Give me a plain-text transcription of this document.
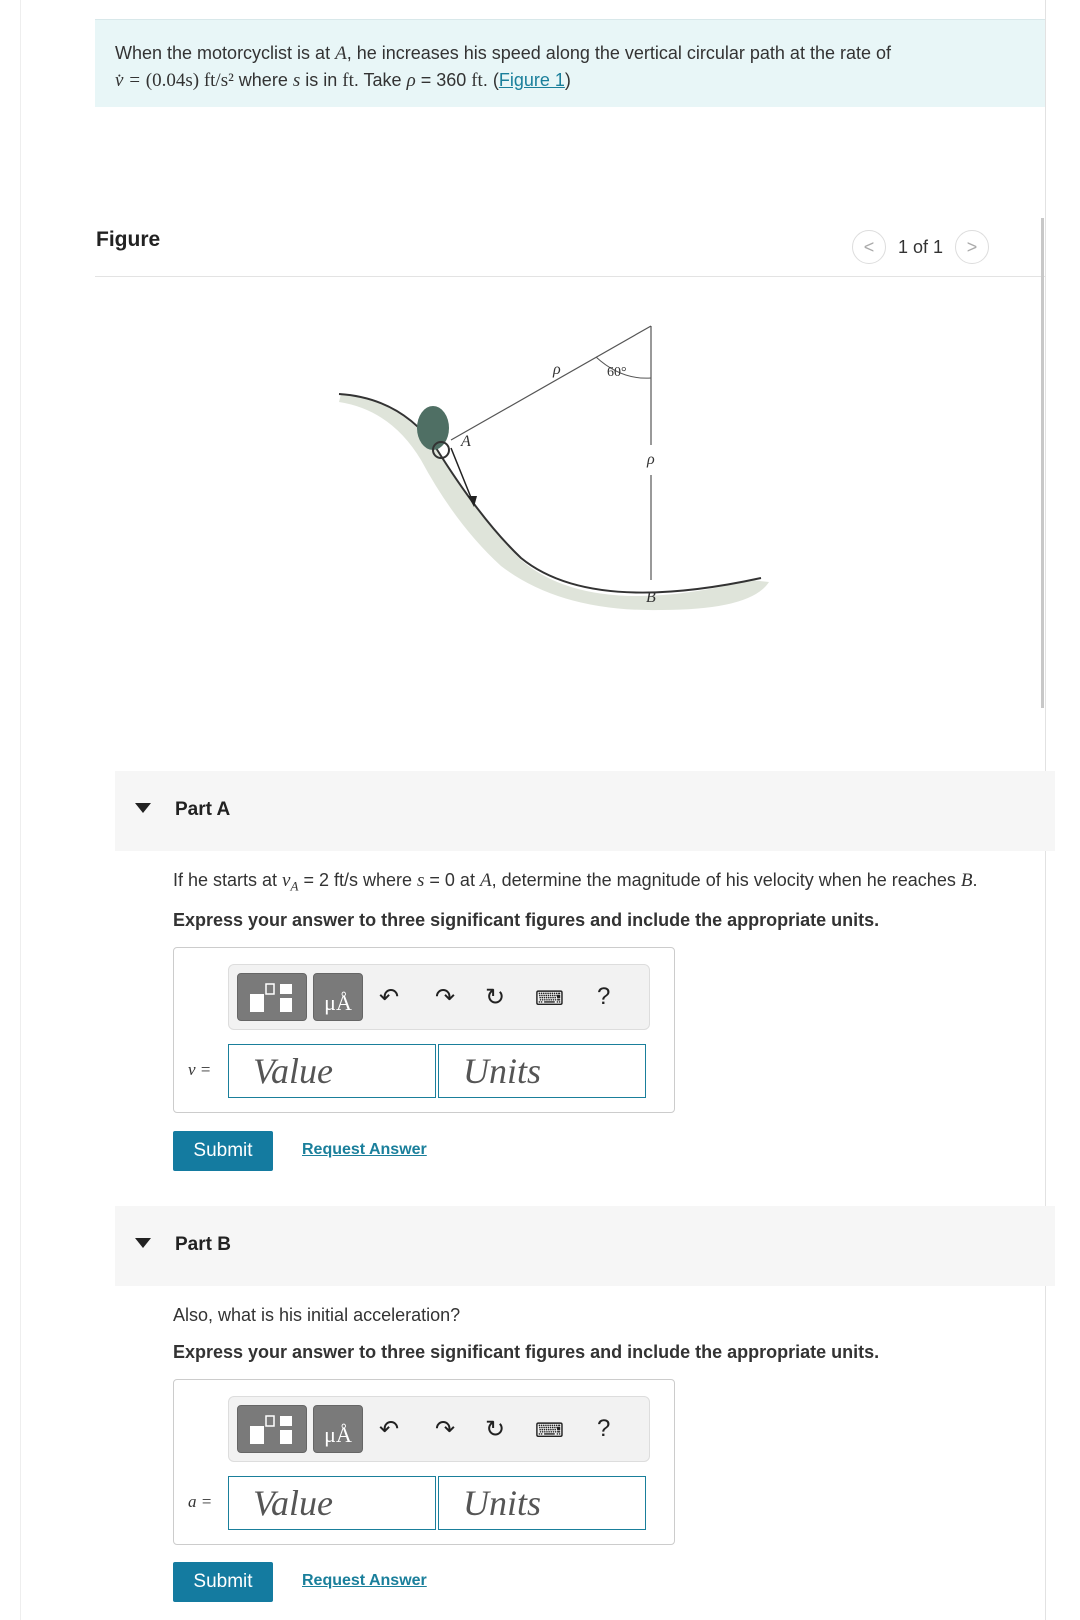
When the motorcyclist is at A, he increases his speed along the vertical circular path at the rate of
v̇ = (0.04s) ft/s² where s is in ft. Take ρ = 360 ft. (Figure 1)
Figure	< 1 of 1 >
ρ	60°
ρ
A
B
Part A
If he starts at $v_A = 2$ ft/s where s = 0 at A, determine the magnitude of his velocity when he reaches B.
Express your answer to three significant figures and include the appropriate units.
μÅ	↶ ↷ ↻ ⌨ ?
v =	Value	Units
Submit	Request Answer
Part B
Also, what is his initial acceleration?
Express your answer to three significant figures and include the appropriate units.
μÅ	↶ ↷ ↻ ⌨ ?
a =	Value	Units
Submit	Request Answer
